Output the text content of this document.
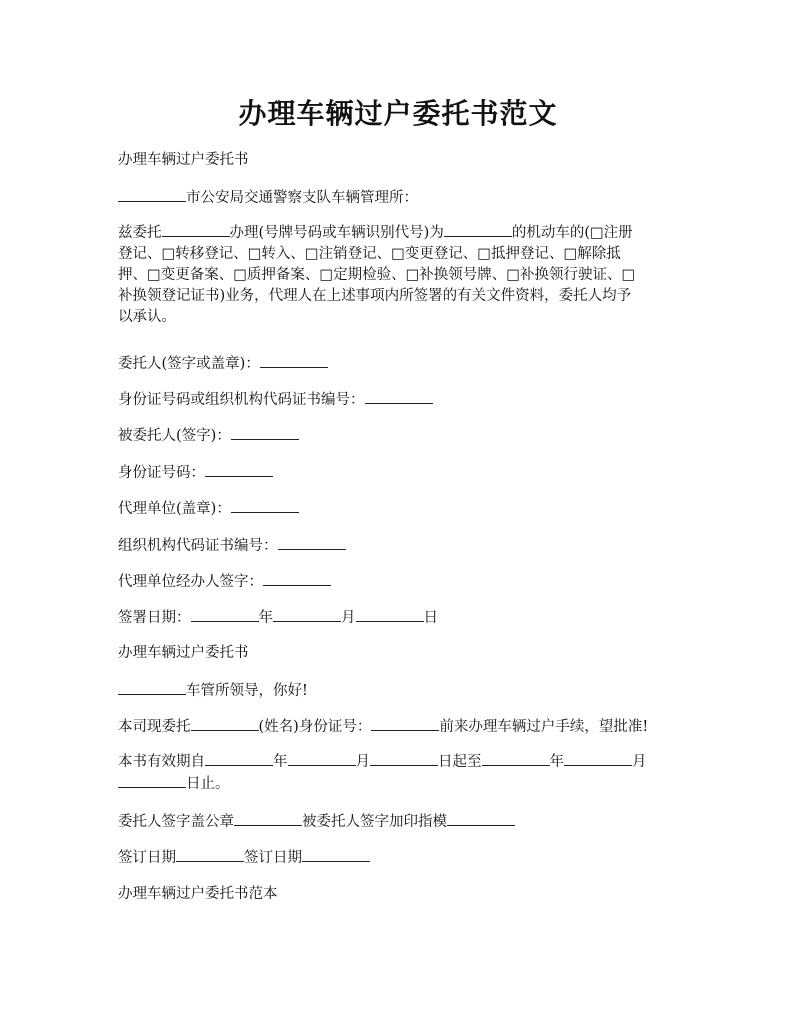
办理车辆过户委托书范文

办理车辆过户委托书

市公安局交通警察支队车辆管理所：

兹委托	办理(号牌号码或车辆识别代号)为	的机动车的(□注册
登记、□转移登记、□转入、□注销登记、□变更登记、□抵押登记、□解除抵
押、□变更备案、□质押备案、□定期检验、□补换领号牌、□补换领行驶证、□
补换领登记证书)业务，代理人在上述事项内所签署的有关文件资料，委托人均予
以承认。

委托人(签字或盖章)：

身份证号码或组织机构代码证书编号：

被委托人(签字)：

身份证号码：

代理单位(盖章)：

组织机构代码证书编号：

代理单位经办人签字：

签署日期：	年	月	日

办理车辆过户委托书

车管所领导，你好!

本司现委托	(姓名)身份证号：	前来办理车辆过户手续，望批准!

本书有效期自	年	月	日起至	年	月
日止。

委托人签字盖公章	被委托人签字加印指模

签订日期	签订日期

办理车辆过户委托书范本
